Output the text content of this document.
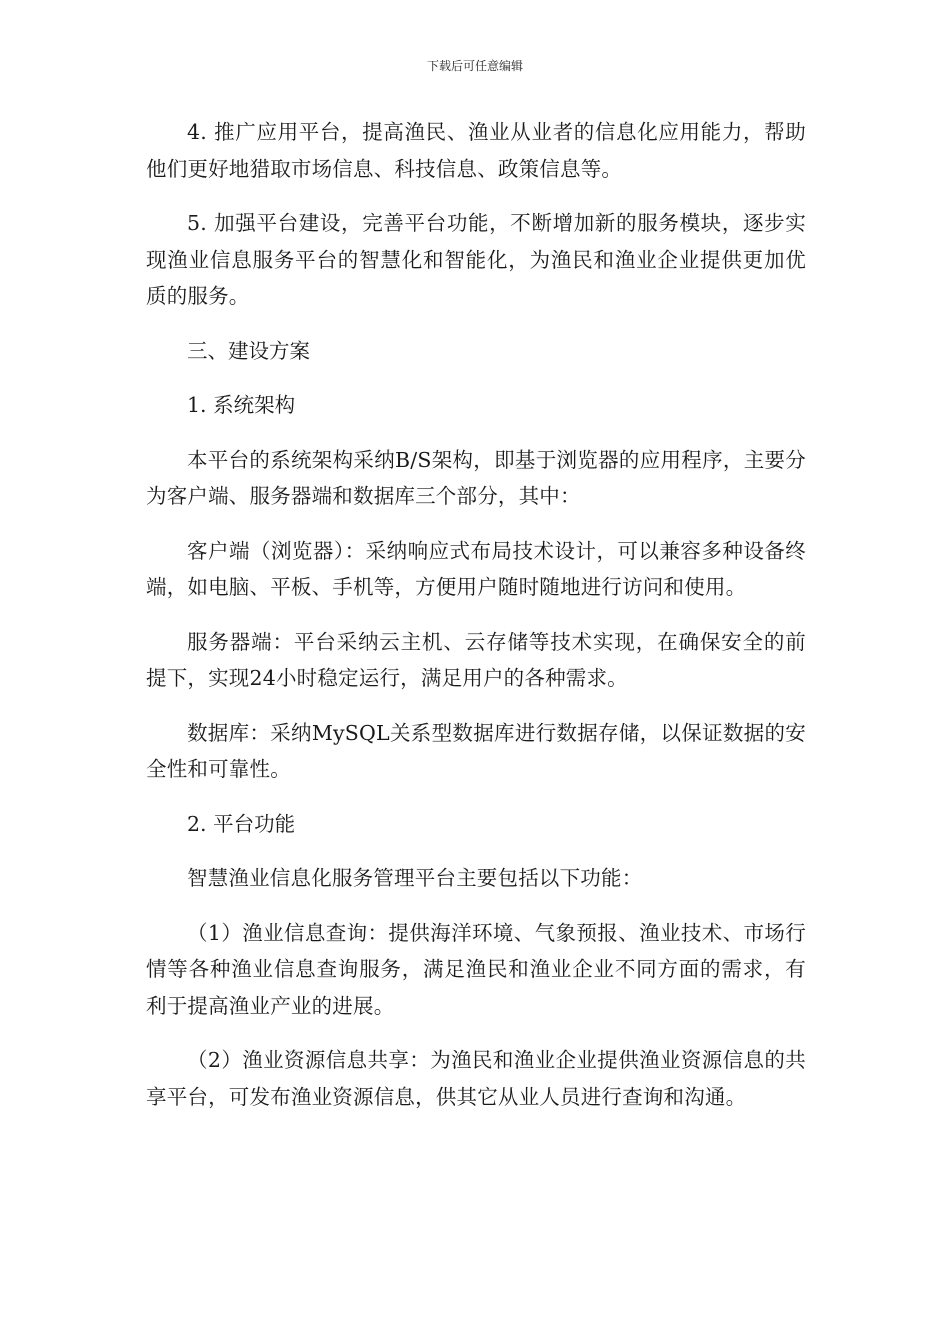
下载后可任意编辑

4. 推广应用平台，提高渔民、渔业从业者的信息化应用能力，帮助他们更好地猎取市场信息、科技信息、政策信息等。

5. 加强平台建设，完善平台功能，不断增加新的服务模块，逐步实现渔业信息服务平台的智慧化和智能化，为渔民和渔业企业提供更加优质的服务。

三、建设方案

1. 系统架构

本平台的系统架构采纳B/S架构，即基于浏览器的应用程序，主要分为客户端、服务器端和数据库三个部分，其中：

客户端（浏览器）：采纳响应式布局技术设计，可以兼容多种设备终端，如电脑、平板、手机等，方便用户随时随地进行访问和使用。

服务器端：平台采纳云主机、云存储等技术实现，在确保安全的前提下，实现24小时稳定运行，满足用户的各种需求。

数据库：采纳MySQL关系型数据库进行数据存储，以保证数据的安全性和可靠性。

2. 平台功能

智慧渔业信息化服务管理平台主要包括以下功能：

（1）渔业信息查询：提供海洋环境、气象预报、渔业技术、市场行情等各种渔业信息查询服务，满足渔民和渔业企业不同方面的需求，有利于提高渔业产业的进展。

（2）渔业资源信息共享：为渔民和渔业企业提供渔业资源信息的共享平台，可发布渔业资源信息，供其它从业人员进行查询和沟通。
